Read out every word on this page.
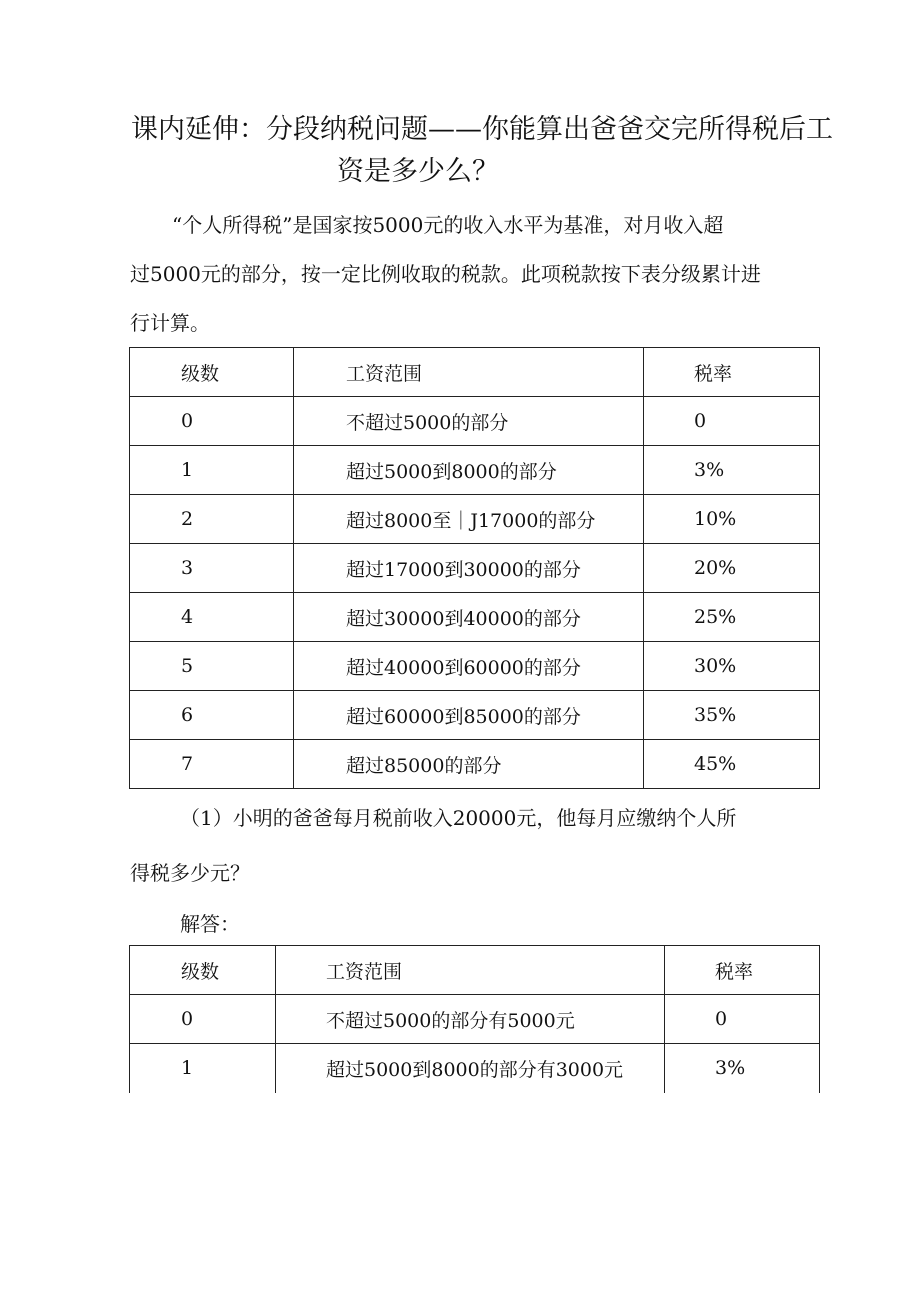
课内延伸：分段纳税问题——你能算出爸爸交完所得税后工
资是多少么？
“个人所得税”是国家按5000元的收入水平为基准，对月收入超
过5000元的部分，按一定比例收取的税款。此项税款按下表分级累计进
行计算。
级数	工资范围	税率
0	不超过5000的部分	0
1	超过5000到8000的部分	3%
2	超过8000至｜J17000的部分	10%
3	超过17000到30000的部分	20%
4	超过30000到40000的部分	25%
5	超过40000到60000的部分	30%
6	超过60000到85000的部分	35%
7	超过85000的部分	45%
（1）小明的爸爸每月税前收入20000元，他每月应缴纳个人所
得税多少元？
解答：
级数	工资范围	税率
0	不超过5000的部分有5000元	0
1	超过5000到8000的部分有3000元	3%
